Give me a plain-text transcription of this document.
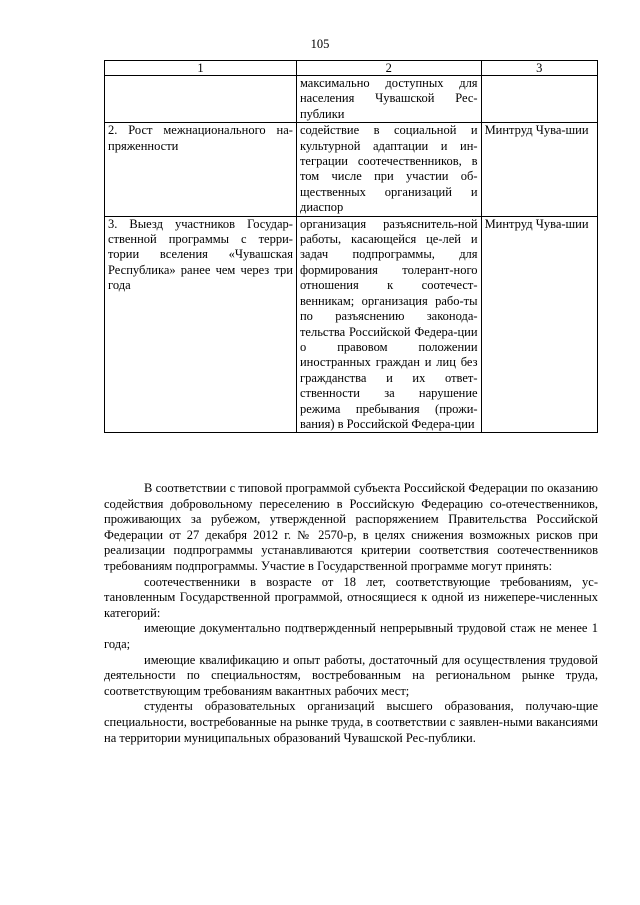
105
1	2	3
	максимально доступных для населения Чувашской Рес-публики	
2. Рост межнационального на-пряженности	содействие в социальной и культурной адаптации и ин-теграции соотечественников, в том числе при участии об-щественных организаций и диаспор	Минтруд Чува-шии
3. Выезд участников Государ-ственной программы с терри-тории вселения «Чувашская Республика» ранее чем через три года	организация разъяснитель-ной работы, касающейся це-лей и задач подпрограммы, для формирования толерант-ного отношения к соотечест-венникам; организация рабо-ты по разъяснению законода-тельства Российской Федера-ции о правовом положении иностранных граждан и лиц без гражданства и их ответ-ственности за нарушение режима пребывания (прожи-вания) в Российской Федера-ции	Минтруд Чува-шии

В соответствии с типовой программой субъекта Российской Федерации по оказанию содействия добровольному переселению в Российскую Федерацию со-отечественников, проживающих за рубежом, утвержденной распоряжением Правительства Российской Федерации от 27 декабря 2012 г. № 2570-р, в целях снижения возможных рисков при реализации подпрограммы устанавливаются критерии соответствия соотечественников требованиям подпрограммы. Участие в Государственной программе могут принять:

соотечественники в возрасте от 18 лет, соответствующие требованиям, ус-тановленным Государственной программой, относящиеся к одной из нижепере-численных категорий:

имеющие документально подтвержденный непрерывный трудовой стаж не менее 1 года;

имеющие квалификацию и опыт работы, достаточный для осуществления трудовой деятельности по специальностям, востребованным на региональном рынке труда, соответствующим требованиям вакантных рабочих мест;

студенты образовательных организаций высшего образования, получаю-щие специальности, востребованные на рынке труда, в соответствии с заявлен-ными вакансиями на территории муниципальных образований Чувашской Рес-публики.
